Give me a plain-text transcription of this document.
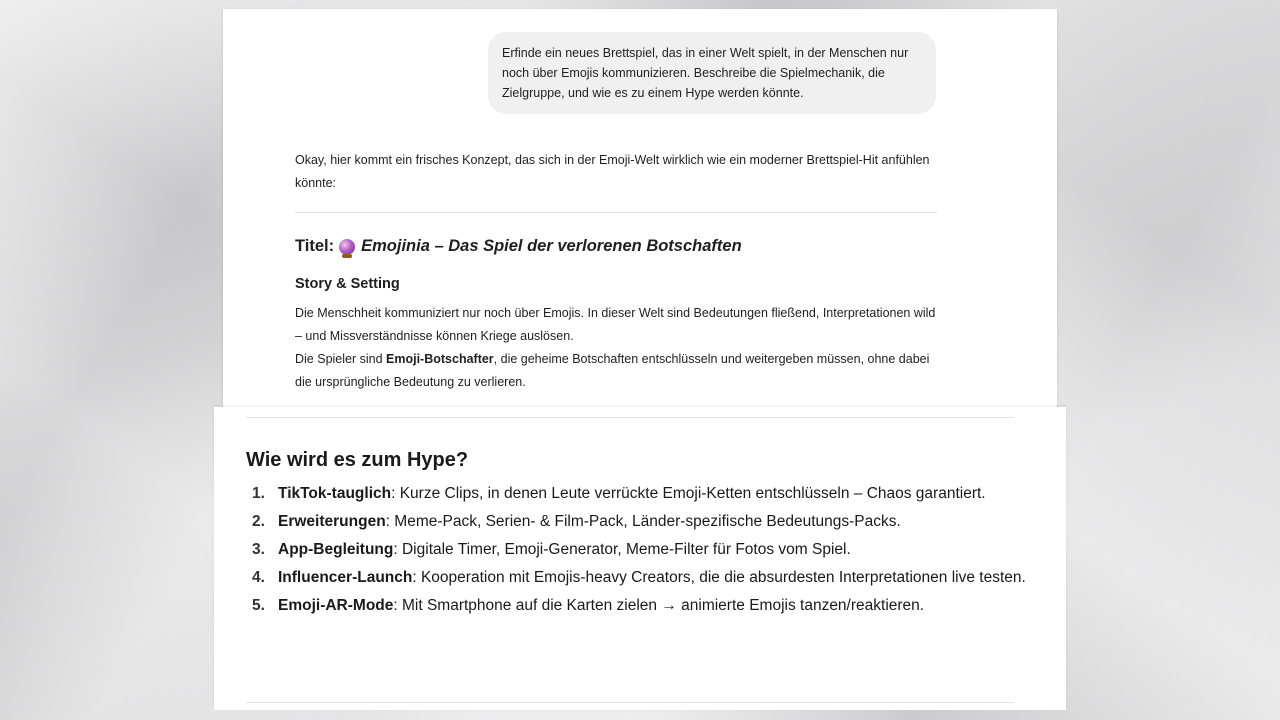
Erfinde ein neues Brettspiel, das in einer Welt spielt, in der Menschen nur noch über Emojis kommunizieren. Beschreibe die Spielmechanik, die Zielgruppe, und wie es zu einem Hype werden könnte.

Okay, hier kommt ein frisches Konzept, das sich in der Emoji-Welt wirklich wie ein moderner Brettspiel-Hit anfühlen könnte:

Titel: Emojinia – Das Spiel der verlorenen Botschaften
Story & Setting

Die Menschheit kommuniziert nur noch über Emojis. In dieser Welt sind Bedeutungen fließend, Interpretationen wild – und Missverständnisse können Kriege auslösen.

Die Spieler sind Emoji-Botschafter, die geheime Botschaften entschlüsseln und weitergeben müssen, ohne dabei die ursprüngliche Bedeutung zu verlieren.

Wie wird es zum Hype?
1. TikTok-tauglich: Kurze Clips, in denen Leute verrückte Emoji-Ketten entschlüsseln – Chaos garantiert.
2. Erweiterungen: Meme-Pack, Serien- & Film-Pack, Länder-spezifische Bedeutungs-Packs.
3. App-Begleitung: Digitale Timer, Emoji-Generator, Meme-Filter für Fotos vom Spiel.
4. Influencer-Launch: Kooperation mit Emojis-heavy Creators, die die absurdesten Interpretationen live testen.
5. Emoji-AR-Mode: Mit Smartphone auf die Karten zielen → animierte Emojis tanzen/reaktieren.
